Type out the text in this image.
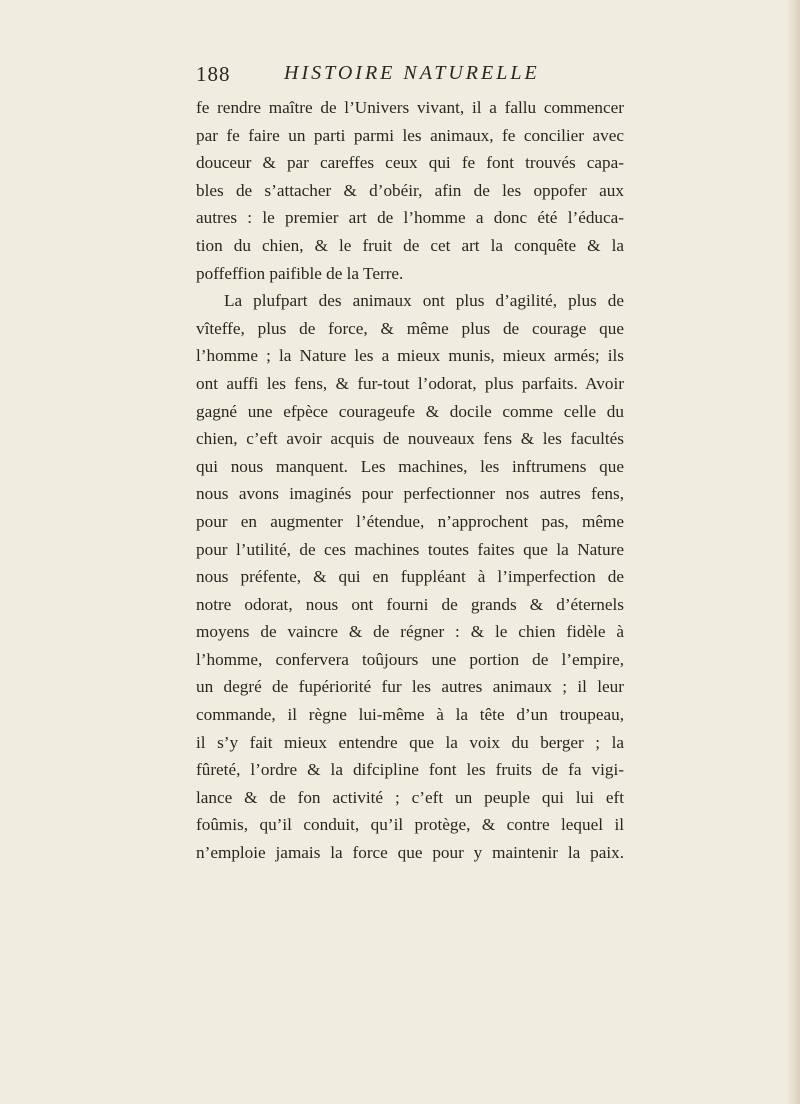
188	HISTOIRE NATURELLE
fe rendre maître de l’Univers vivant, il a fallu commencer
par fe faire un parti parmi les animaux, fe concilier avec
douceur & par careffes ceux qui fe font trouvés capa-
bles de s’attacher & d’obéir, afin de les oppofer aux
autres : le premier art de l’homme a donc été l’éduca-
tion du chien, & le fruit de cet art la conquête & la
poffeffion paifible de la Terre.
La plufpart des animaux ont plus d’agilité, plus de
vîteffe, plus de force, & même plus de courage que
l’homme ; la Nature les a mieux munis, mieux armés; ils
ont auffi les fens, & fur-tout l’odorat, plus parfaits. Avoir
gagné une efpèce courageufe & docile comme celle du
chien, c’eft avoir acquis de nouveaux fens & les facultés
qui nous manquent. Les machines, les inftrumens que
nous avons imaginés pour perfectionner nos autres fens,
pour en augmenter l’étendue, n’approchent pas, même
pour l’utilité, de ces machines toutes faites que la Nature
nous préfente, & qui en fuppléant à l’imperfection de
notre odorat, nous ont fourni de grands & d’éternels
moyens de vaincre & de régner : & le chien fidèle à
l’homme, confervera toûjours une portion de l’empire,
un degré de fupériorité fur les autres animaux ; il leur
commande, il règne lui-même à la tête d’un troupeau,
il s’y fait mieux entendre que la voix du berger ; la
fûreté, l’ordre & la difcipline font les fruits de fa vigi-
lance & de fon activité ; c’eft un peuple qui lui eft
foûmis, qu’il conduit, qu’il protège, & contre lequel il
n’emploie jamais la force que pour y maintenir la paix.
